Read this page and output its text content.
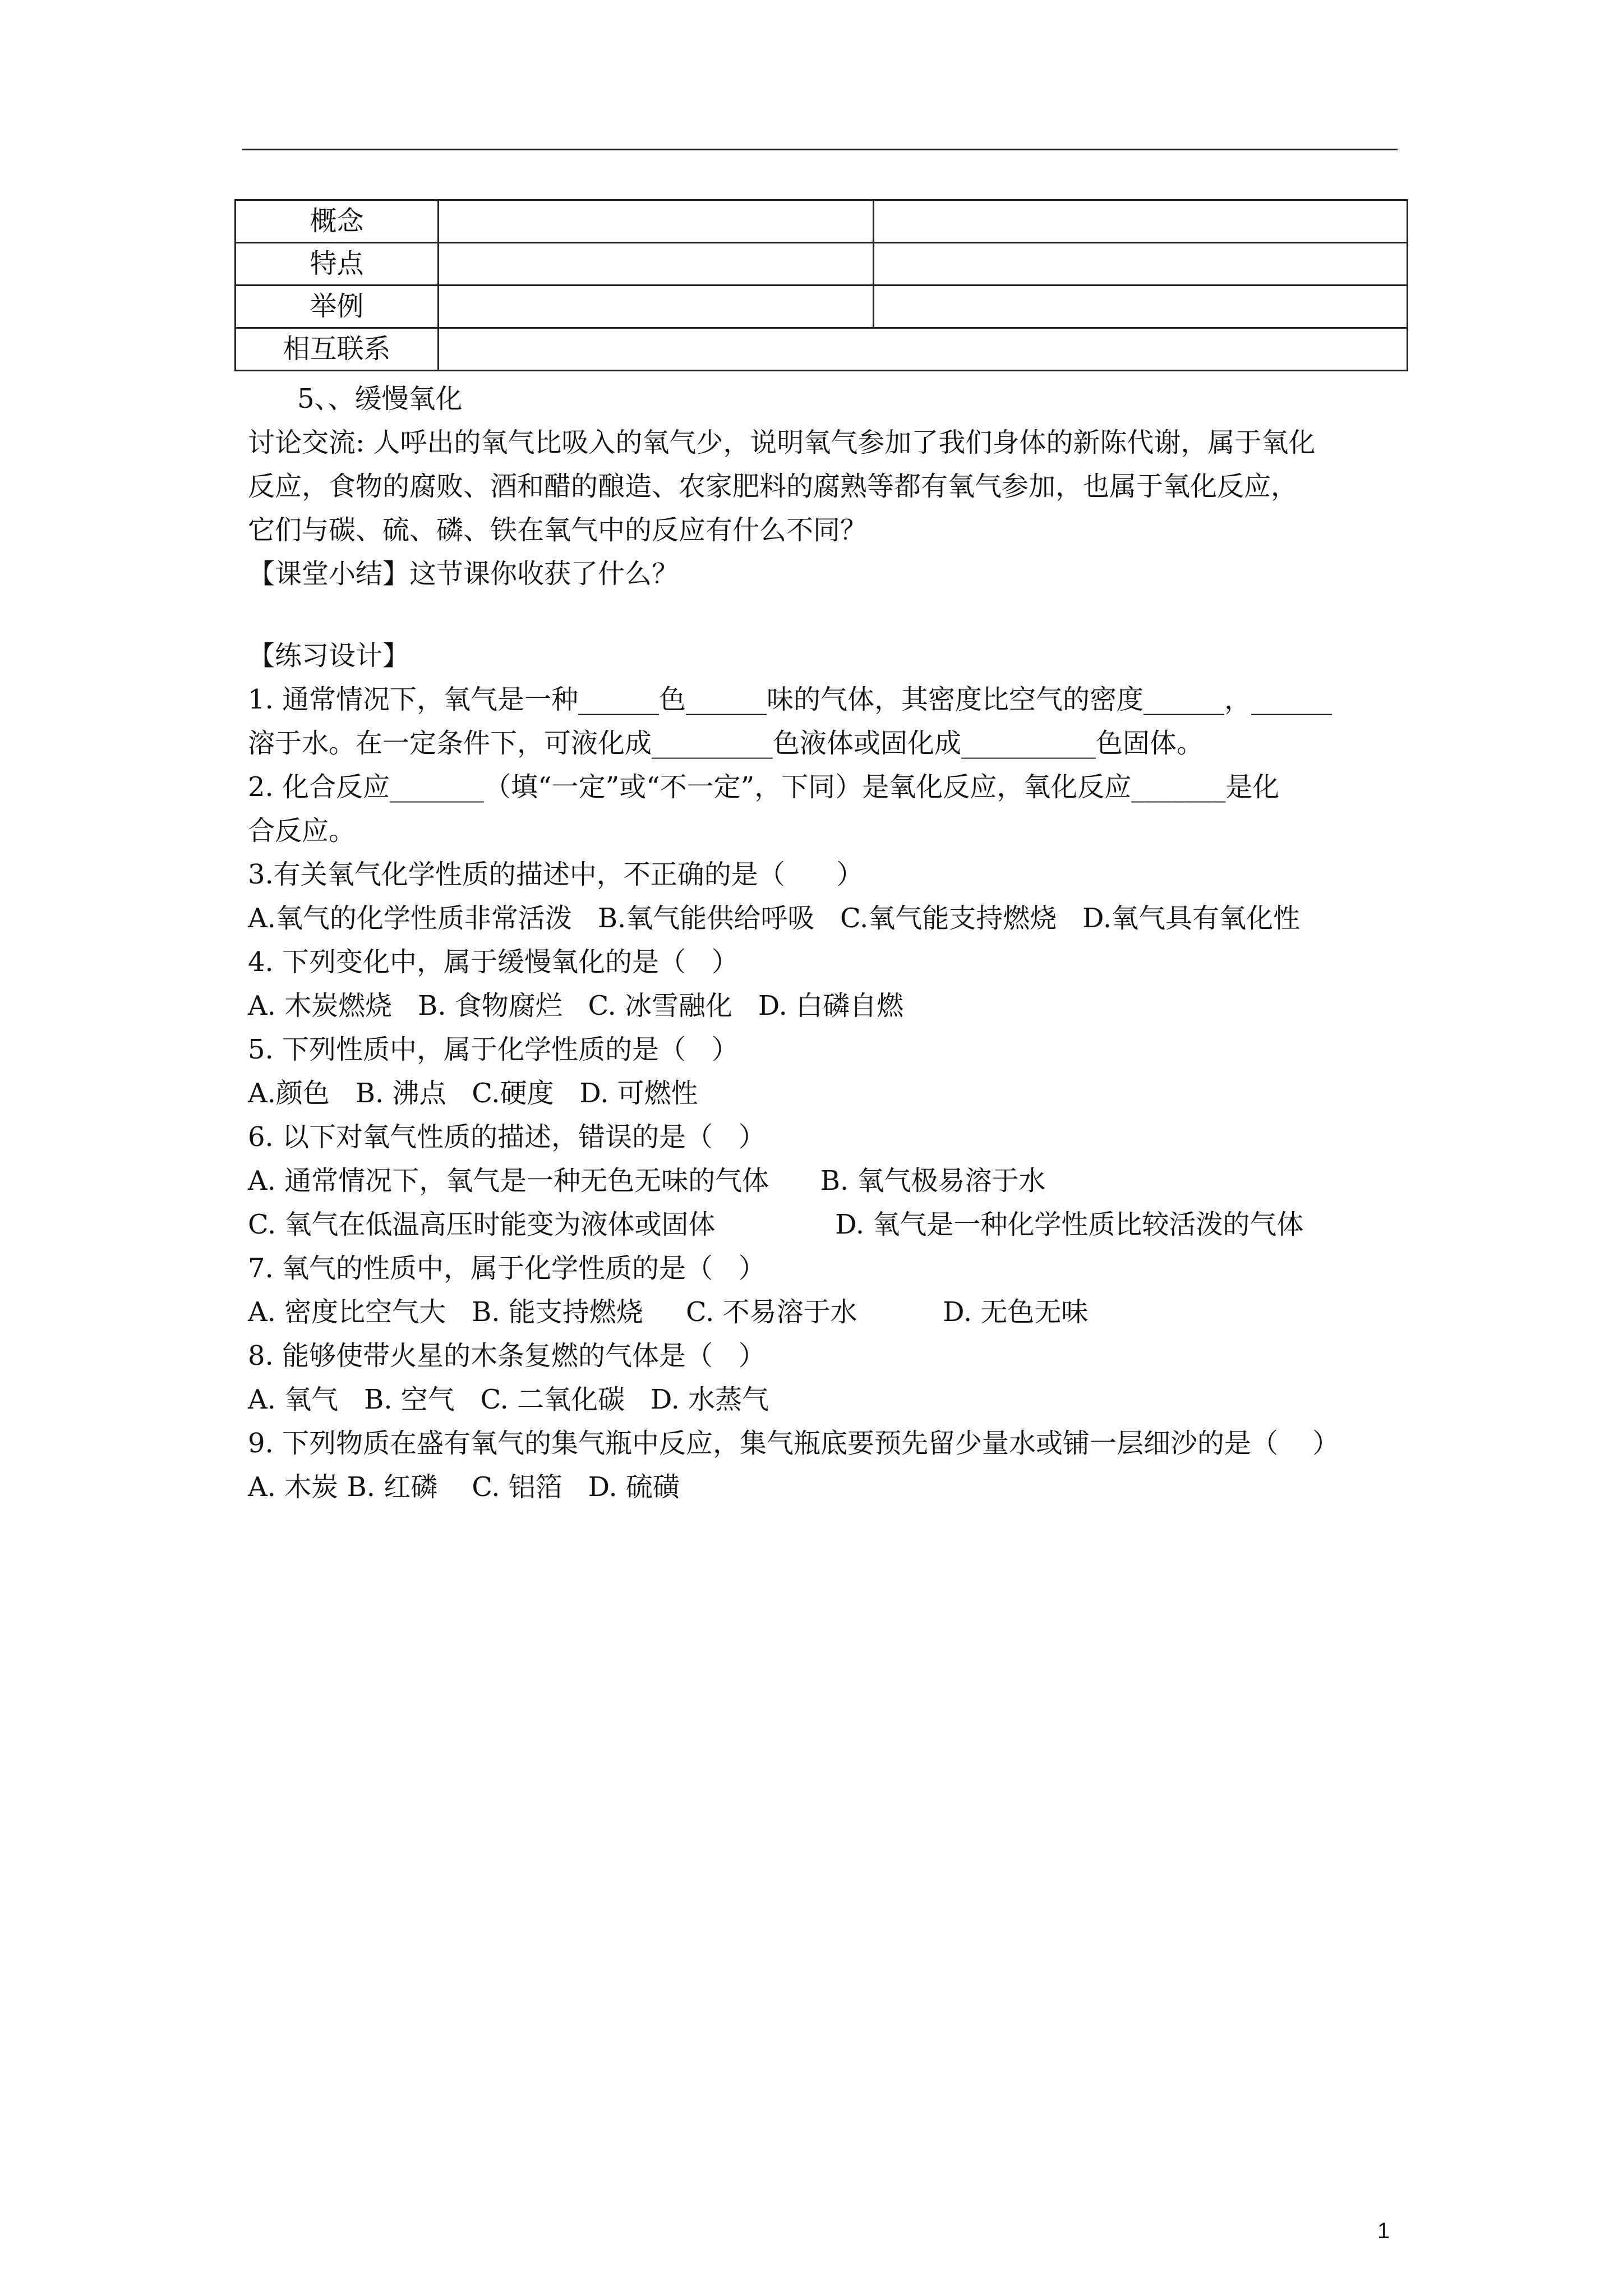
概念		
特点		
举例		
相互联系		
5、、缓慢氧化
讨论交流: 人呼出的氧气比吸入的氧气少，说明氧气参加了我们身体的新陈代谢，属于氧化
反应，食物的腐败、酒和醋的酿造、农家肥料的腐熟等都有氧气参加，也属于氧化反应，
它们与碳、硫、磷、铁在氧气中的反应有什么不同？
【课堂小结】这节课你收获了什么？
【练习设计】
1. 通常情况下，氧气是一种______色______味的气体，其密度比空气的密度______，______
溶于水。在一定条件下，可液化成_________色液体或固化成__________色固体。
2. 化合反应_______（填“一定”或“不一定”，下同）是氧化反应，氧化反应_______是化
合反应。
3.有关氧气化学性质的描述中，不正确的是（      ）
A.氧气的化学性质非常活泼   B.氧气能供给呼吸   C.氧气能支持燃烧   D.氧气具有氧化性
4. 下列变化中，属于缓慢氧化的是（   ）
A. 木炭燃烧   B. 食物腐烂   C. 冰雪融化   D. 白磷自燃
5. 下列性质中，属于化学性质的是（   ）
A.颜色   B. 沸点   C.硬度   D. 可燃性
6. 以下对氧气性质的描述，错误的是（   ）
A. 通常情况下，氧气是一种无色无味的气体      B. 氧气极易溶于水
C. 氧气在低温高压时能变为液体或固体              D. 氧气是一种化学性质比较活泼的气体
7. 氧气的性质中，属于化学性质的是（   ）
A. 密度比空气大   B. 能支持燃烧     C. 不易溶于水          D. 无色无味
8. 能够使带火星的木条复燃的气体是（   ）
A. 氧气   B. 空气   C. 二氧化碳   D. 水蒸气
9. 下列物质在盛有氧气的集气瓶中反应，集气瓶底要预先留少量水或铺一层细沙的是（    ）
A. 木炭 B. 红磷    C. 铝箔   D. 硫磺
1
